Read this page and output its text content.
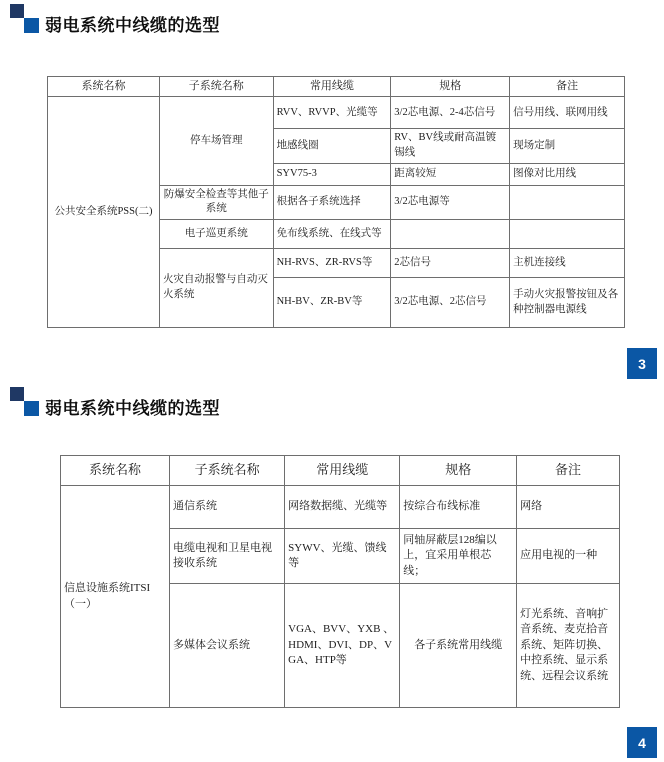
弱电系统中线缆的选型
系统名称	子系统名称	常用线缆	规格	备注
公共安全系统PSS(二)	停车场管理	RVV、RVVP、光缆等	3/2芯电源、2-4芯信号	信号用线、联网用线
		地感线圈	RV、BV线或耐高温镀锡线	现场定制
		SYV75-3	距离较短	图像对比用线
	防爆安全检查等其他子系统	根据各子系统选择	3/2芯电源等	
	电子巡更系统	免布线系统、在线式等		
	火灾自动报警与自动灭火系统	NH-RVS、ZR-RVS等	2芯信号	主机连接线
		NH-BV、ZR-BV等	3/2芯电源、2芯信号	手动火灾报警按钮及各种控制器电源线
3
弱电系统中线缆的选型
系统名称	子系统名称	常用线缆	规格	备注
信息设施系统ITSI（一）	通信系统	网络数据缆、光缆等	按综合布线标准	网络
	电缆电视和卫星电视接收系统	SYWV、光缆、馈线等	同轴屏蔽层128编以上，宜采用单根芯线；	应用电视的一种
	多媒体会议系统	VGA、BVV、YXB 、HDMI、DVI、DP、VGA、HTP等	各子系统常用线缆	灯光系统、音响扩音系统、麦克拾音系统、矩阵切换、中控系统、显示系统、远程会议系统
4
